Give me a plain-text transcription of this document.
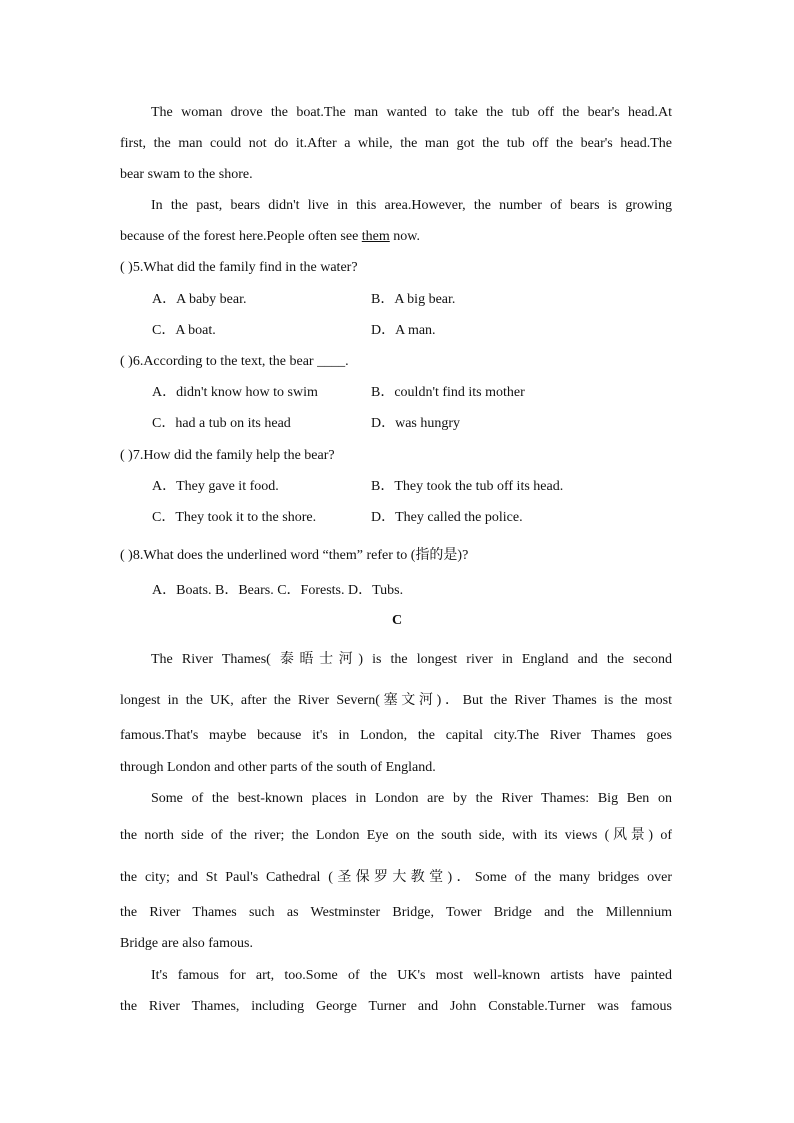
The woman drove the boat.The man wanted to take the tub off the bear's head.At
first, the man could not do it.After a while, the man got the tub off the bear's head.The
bear swam to the shore.
In the past, bears didn't live in this area.However, the number of bears is growing
because of the forest here.People often see them now.
( )5.What did the family find in the water?
A．A baby bear.	B．A big bear.
C．A boat.	D．A man.
( )6.According to the text, the bear ____.
A．didn't know how to swim	B．couldn't find its mother
C．had a tub on its head	D．was hungry
( )7.How did the family help the bear?
A．They gave it food.	B．They took the tub off its head.
C．They took it to the shore.	D．They called the police.
( )8.What does the underlined word “them” refer to (指的是)?
A．Boats. B．Bears. C．Forests. D．Tubs.
C
The River Thames( 泰晤士河) is the longest river in England and the second
longest in the UK, after the River Severn(塞文河)．But the River Thames is the most
famous.That's maybe because it's in London, the capital city.The River Thames goes
through London and other parts of the south of England.
Some of the best-known places in London are by the River Thames: Big Ben on
the north side of the river; the London Eye on the south side, with its views (风景) of
the city; and St Paul's Cathedral (圣保罗大教堂)．Some of the many bridges over
the River Thames such as Westminster Bridge, Tower Bridge and the Millennium
Bridge are also famous.
It's famous for art, too.Some of the UK's most well-known artists have painted
the River Thames, including George Turner and John Constable.Turner was famous
